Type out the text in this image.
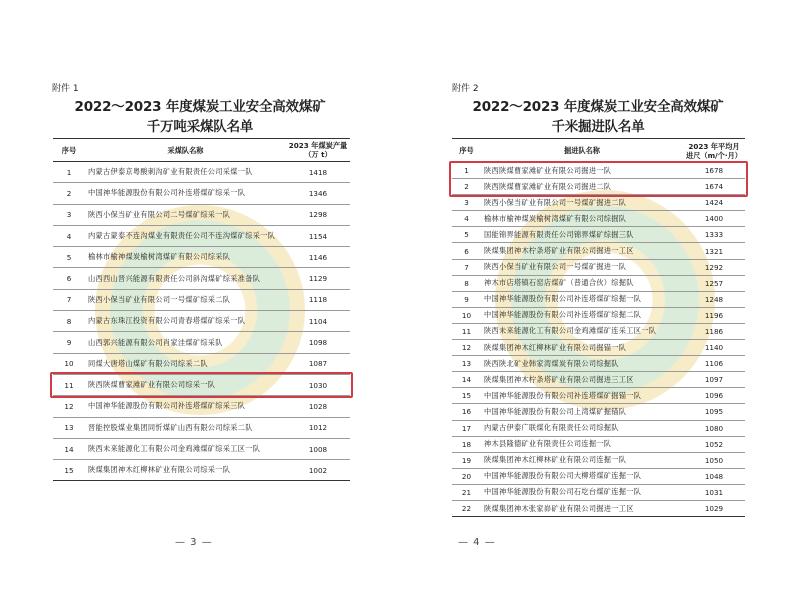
附件 1
2022～2023 年度煤炭工业安全高效煤矿
千万吨采煤队名单
序号	采煤队名称	2023 年煤炭产量（万 t）
1	内蒙古伊泰京粤酸刺沟矿业有限责任公司采煤一队	1418
2	中国神华能源股份有限公司补连塔煤矿综采一队	1346
3	陕西小保当矿业有限公司二号煤矿综采一队	1298
4	内蒙古蒙泰不连沟煤业有限责任公司不连沟煤矿综采一队	1154
5	榆林市榆神煤炭榆树湾煤矿有限公司综采队	1146
6	山西西山晋兴能源有限责任公司斜沟煤矿综采准备队	1129
7	陕西小保当矿业有限公司一号煤矿综采二队	1118
8	内蒙古东珠江投资有限公司青春塔煤矿综采一队	1104
9	山西郭兴能源有限公司肖家洼煤矿综采队	1098
10	同煤大唐塔山煤矿有限公司综采二队	1087
11	陕西陕煤曹家滩矿业有限公司综采一队	1030
12	中国神华能源股份有限公司补连塔煤矿综采三队	1028
13	晋能控股煤业集团同忻煤矿山西有限公司综采二队	1012
14	陕西未来能源化工有限公司金鸡滩煤矿综采工区一队	1008
15	陕煤集团神木红柳林矿业有限公司综采一队	1002
— 3 —
附件 2
2022～2023 年度煤炭工业安全高效煤矿
千米掘进队名单
序号	掘进队名称	2023 年平均月进尺（m/个·月）
1	陕西陕煤曹家滩矿业有限公司掘进一队	1678
2	陕西陕煤曹家滩矿业有限公司掘进二队	1674
3	陕西小保当矿业有限公司一号煤矿掘进二队	1424
4	榆林市榆神煤炭榆树湾煤矿有限公司综掘队	1400
5	国能锦界能源有限责任公司锦界煤矿综掘三队	1333
6	陕煤集团神木柠条塔矿业有限公司掘进一工区	1321
7	陕西小保当矿业有限公司一号煤矿掘进一队	1292
8	神木市店塔镇石窑店煤矿（普通合伙）综掘队	1257
9	中国神华能源股份有限公司补连塔煤矿综掘一队	1248
10	中国神华能源股份有限公司补连塔煤矿综掘二队	1196
11	陕西未来能源化工有限公司金鸡滩煤矿连采工区一队	1186
12	陕煤集团神木红柳林矿业有限公司掘锚一队	1140
13	陕西陕北矿业韩家湾煤炭有限公司综掘队	1106
14	陕煤集团神木柠条塔矿业有限公司掘进三工区	1097
15	中国神华能源股份有限公司补连塔煤矿掘锚一队	1096
16	中国神华能源股份有限公司上湾煤矿掘锚队	1095
17	内蒙古伊泰广联煤化有限责任公司综掘队	1080
18	神木县隆德矿业有限责任公司连掘一队	1052
19	陕煤集团神木红柳林矿业有限公司连掘一队	1050
20	中国神华能源股份有限公司大柳塔煤矿连掘一队	1048
21	中国神华能源股份有限公司石圪台煤矿连掘一队	1031
22	陕煤集团神木张家峁矿业有限公司掘进一工区	1029
— 4 —
